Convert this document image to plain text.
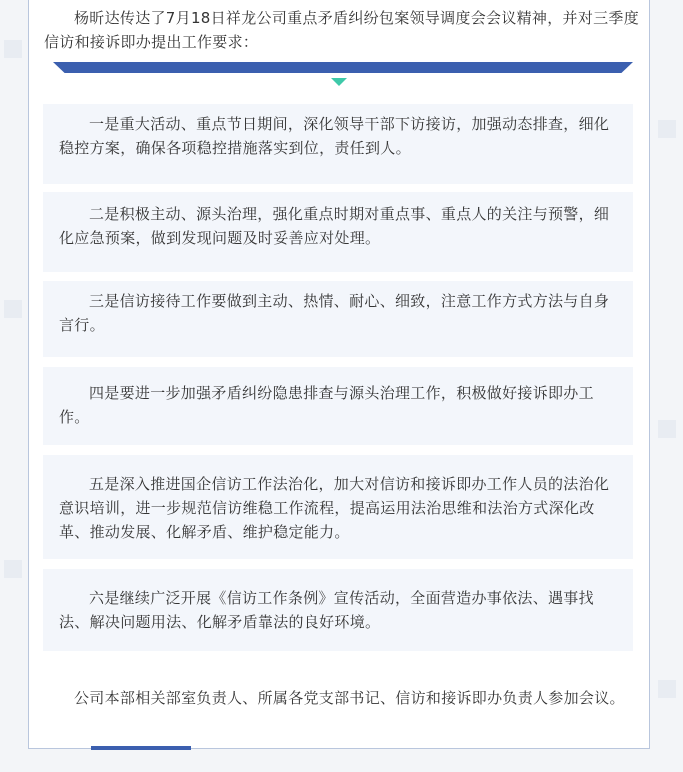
杨昕达传达了7月18日祥龙公司重点矛盾纠纷包案领导调度会会议精神，并对三季度信访和接诉即办提出工作要求：

一是重大活动、重点节日期间，深化领导干部下访接访，加强动态排查，细化稳控方案，确保各项稳控措施落实到位，责任到人。

二是积极主动、源头治理，强化重点时期对重点事、重点人的关注与预警，细化应急预案，做到发现问题及时妥善应对处理。

三是信访接待工作要做到主动、热情、耐心、细致，注意工作方式方法与自身言行。

四是要进一步加强矛盾纠纷隐患排查与源头治理工作，积极做好接诉即办工作。

五是深入推进国企信访工作法治化，加大对信访和接诉即办工作人员的法治化意识培训，进一步规范信访维稳工作流程，提高运用法治思维和法治方式深化改革、推动发展、化解矛盾、维护稳定能力。

六是继续广泛开展《信访工作条例》宣传活动，全面营造办事依法、遇事找法、解决问题用法、化解矛盾靠法的良好环境。

公司本部相关部室负责人、所属各党支部书记、信访和接诉即办负责人参加会议。
